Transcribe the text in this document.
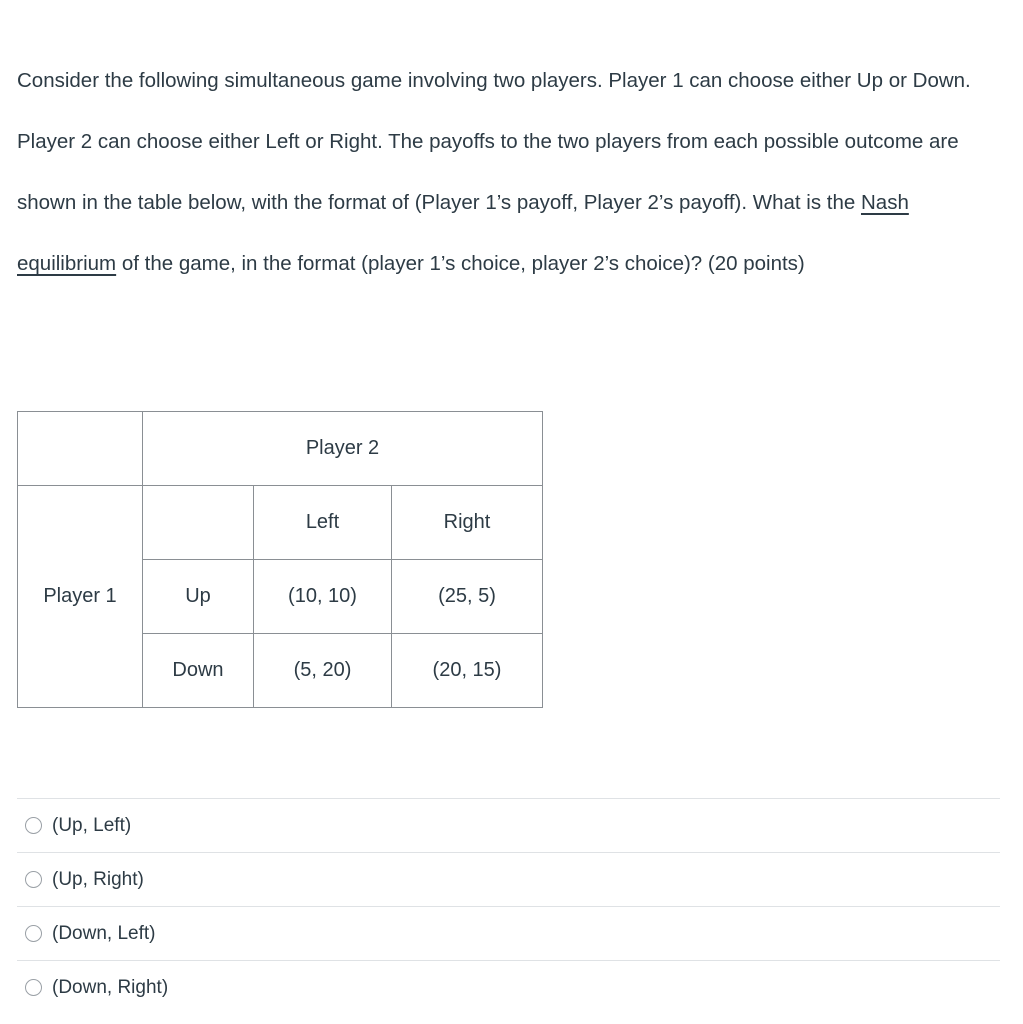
Consider the following simultaneous game involving two players. Player 1 can choose either Up or Down. Player 2 can choose either Left or Right. The payoffs to the two players from each possible outcome are shown in the table below, with the format of (Player 1’s payoff, Player 2’s payoff). What is the Nash equilibrium of the game, in the format (player 1’s choice, player 2’s choice)? (20 points)

	Player 2		
Player 1		Left	Right
	Up	(10, 10)	(25, 5)
	Down	(5, 20)	(20, 15)
(Up, Left)
(Up, Right)
(Down, Left)
(Down, Right)
